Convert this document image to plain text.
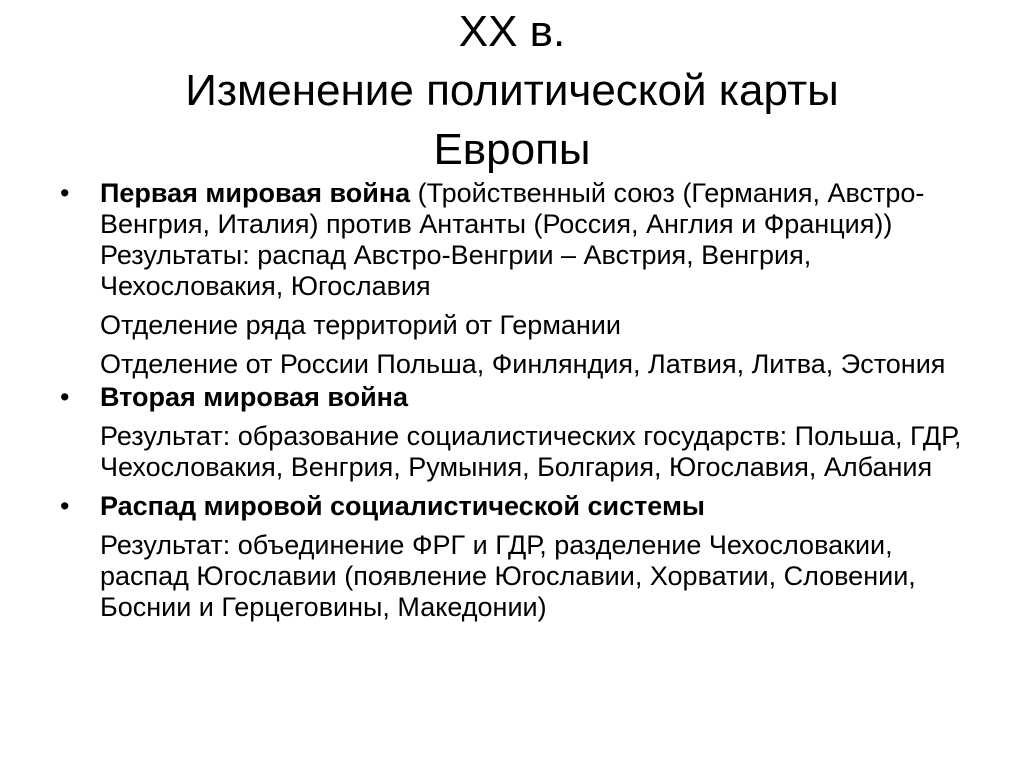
XX в.
Изменение политической карты
Европы
•	Первая мировая война (Тройственный союз (Германия, Австро-Венгрия, Италия) против Антанты (Россия, Англия и Франция)) Результаты: распад Австро-Венгрии – Австрия, Венгрия, Чехословакия, Югославия
Отделение ряда территорий от Германии
Отделение от России Польша, Финляндия, Латвия, Литва, Эстония
•	Вторая мировая война
Результат: образование социалистических государств: Польша, ГДР, Чехословакия, Венгрия, Румыния, Болгария, Югославия, Албания
•	Распад мировой социалистической системы
Результат: объединение ФРГ и ГДР, разделение Чехословакии, распад Югославии (появление Югославии, Хорватии, Словении, Боснии и Герцеговины, Македонии)
